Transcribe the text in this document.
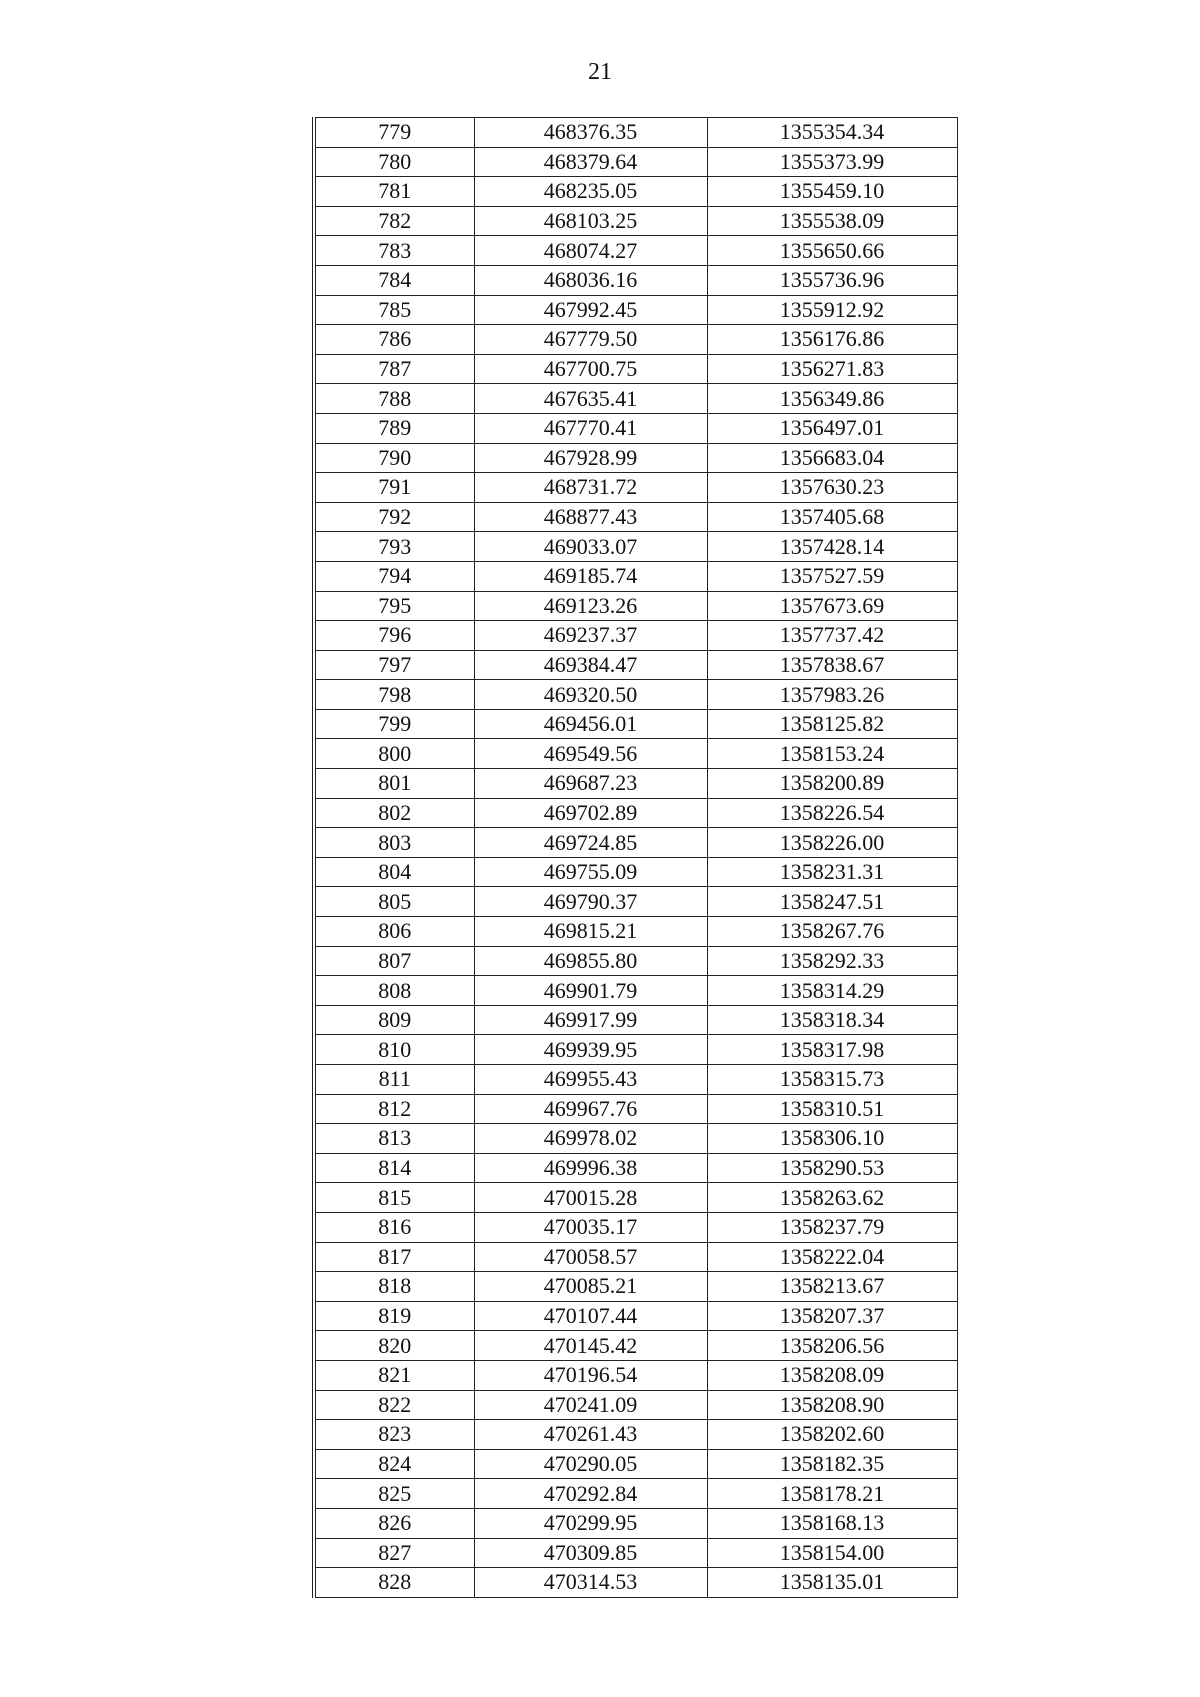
21
779	468376.35	1355354.34
780	468379.64	1355373.99
781	468235.05	1355459.10
782	468103.25	1355538.09
783	468074.27	1355650.66
784	468036.16	1355736.96
785	467992.45	1355912.92
786	467779.50	1356176.86
787	467700.75	1356271.83
788	467635.41	1356349.86
789	467770.41	1356497.01
790	467928.99	1356683.04
791	468731.72	1357630.23
792	468877.43	1357405.68
793	469033.07	1357428.14
794	469185.74	1357527.59
795	469123.26	1357673.69
796	469237.37	1357737.42
797	469384.47	1357838.67
798	469320.50	1357983.26
799	469456.01	1358125.82
800	469549.56	1358153.24
801	469687.23	1358200.89
802	469702.89	1358226.54
803	469724.85	1358226.00
804	469755.09	1358231.31
805	469790.37	1358247.51
806	469815.21	1358267.76
807	469855.80	1358292.33
808	469901.79	1358314.29
809	469917.99	1358318.34
810	469939.95	1358317.98
811	469955.43	1358315.73
812	469967.76	1358310.51
813	469978.02	1358306.10
814	469996.38	1358290.53
815	470015.28	1358263.62
816	470035.17	1358237.79
817	470058.57	1358222.04
818	470085.21	1358213.67
819	470107.44	1358207.37
820	470145.42	1358206.56
821	470196.54	1358208.09
822	470241.09	1358208.90
823	470261.43	1358202.60
824	470290.05	1358182.35
825	470292.84	1358178.21
826	470299.95	1358168.13
827	470309.85	1358154.00
828	470314.53	1358135.01
